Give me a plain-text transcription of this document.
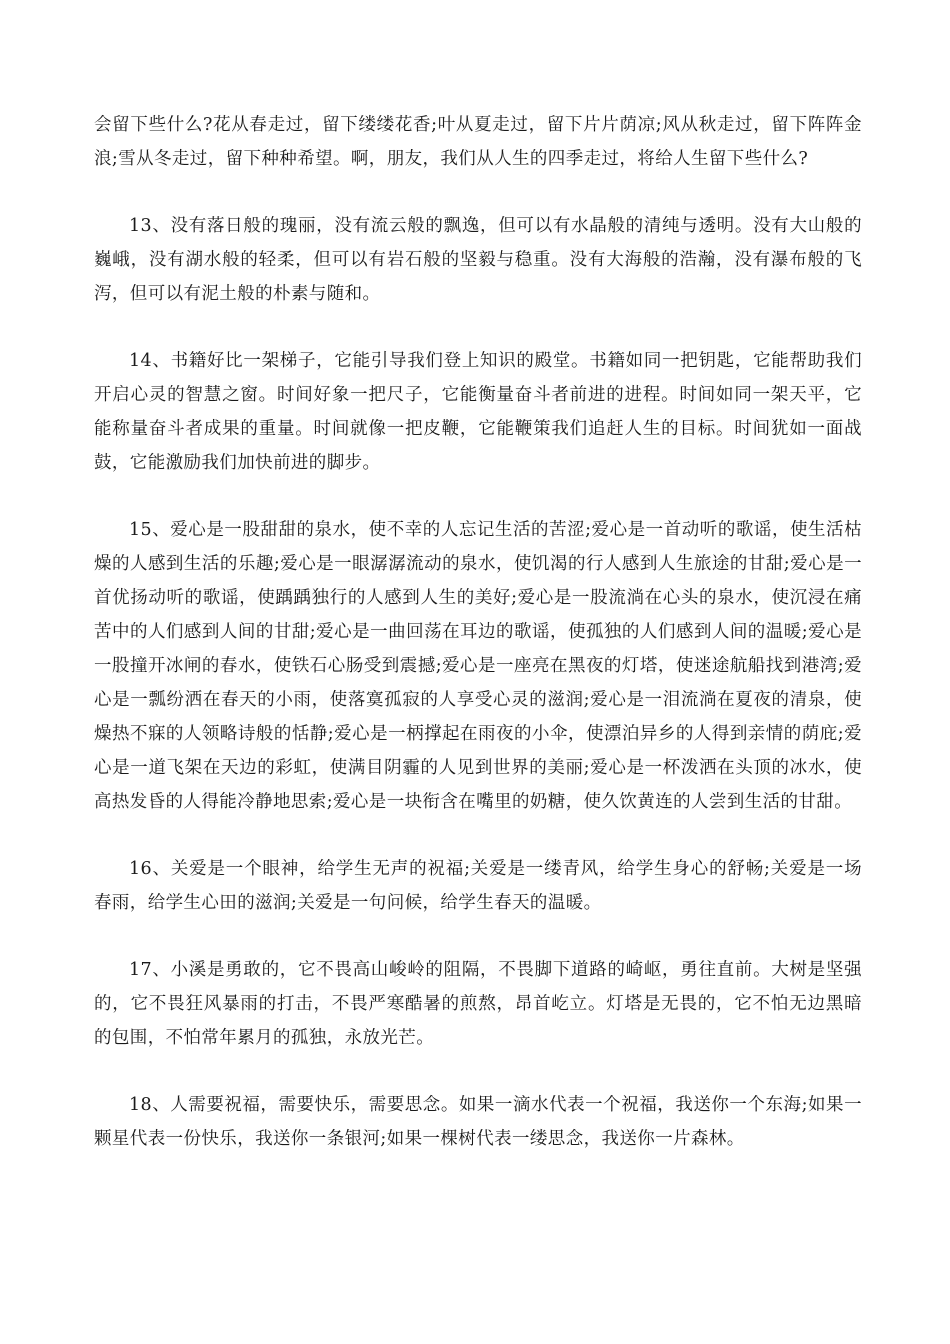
会留下些什么?花从春走过，留下缕缕花香;叶从夏走过，留下片片荫凉;风从秋走过，留下阵阵金浪;雪从冬走过，留下种种希望。啊，朋友，我们从人生的四季走过，将给人生留下些什么?

13、没有落日般的瑰丽，没有流云般的飘逸，但可以有水晶般的清纯与透明。没有大山般的巍峨，没有湖水般的轻柔，但可以有岩石般的坚毅与稳重。没有大海般的浩瀚，没有瀑布般的飞泻，但可以有泥土般的朴素与随和。

14、书籍好比一架梯子，它能引导我们登上知识的殿堂。书籍如同一把钥匙，它能帮助我们开启心灵的智慧之窗。时间好象一把尺子，它能衡量奋斗者前进的进程。时间如同一架天平，它能称量奋斗者成果的重量。时间就像一把皮鞭，它能鞭策我们追赶人生的目标。时间犹如一面战鼓，它能激励我们加快前进的脚步。

15、爱心是一股甜甜的泉水，使不幸的人忘记生活的苦涩;爱心是一首动听的歌谣，使生活枯燥的人感到生活的乐趣;爱心是一眼潺潺流动的泉水，使饥渴的行人感到人生旅途的甘甜;爱心是一首优扬动听的歌谣，使踽踽独行的人感到人生的美好;爱心是一股流淌在心头的泉水，使沉浸在痛苦中的人们感到人间的甘甜;爱心是一曲回荡在耳边的歌谣，使孤独的人们感到人间的温暖;爱心是一股撞开冰闸的春水，使铁石心肠受到震撼;爱心是一座亮在黑夜的灯塔，使迷途航船找到港湾;爱心是一瓢纷洒在春天的小雨，使落寞孤寂的人享受心灵的滋润;爱心是一泪流淌在夏夜的清泉，使燥热不寐的人领略诗般的恬静;爱心是一柄撑起在雨夜的小伞，使漂泊异乡的人得到亲情的荫庇;爱心是一道飞架在天边的彩虹，使满目阴霾的人见到世界的美丽;爱心是一杯泼洒在头顶的冰水，使高热发昏的人得能冷静地思索;爱心是一块衔含在嘴里的奶糖，使久饮黄连的人尝到生活的甘甜。

16、关爱是一个眼神，给学生无声的祝福;关爱是一缕青风，给学生身心的舒畅;关爱是一场春雨，给学生心田的滋润;关爱是一句问候，给学生春天的温暖。

17、小溪是勇敢的，它不畏高山峻岭的阻隔，不畏脚下道路的崎岖，勇往直前。大树是坚强的，它不畏狂风暴雨的打击，不畏严寒酷暑的煎熬，昂首屹立。灯塔是无畏的，它不怕无边黑暗的包围，不怕常年累月的孤独，永放光芒。

18、人需要祝福，需要快乐，需要思念。如果一滴水代表一个祝福，我送你一个东海;如果一颗星代表一份快乐，我送你一条银河;如果一棵树代表一缕思念，我送你一片森林。
